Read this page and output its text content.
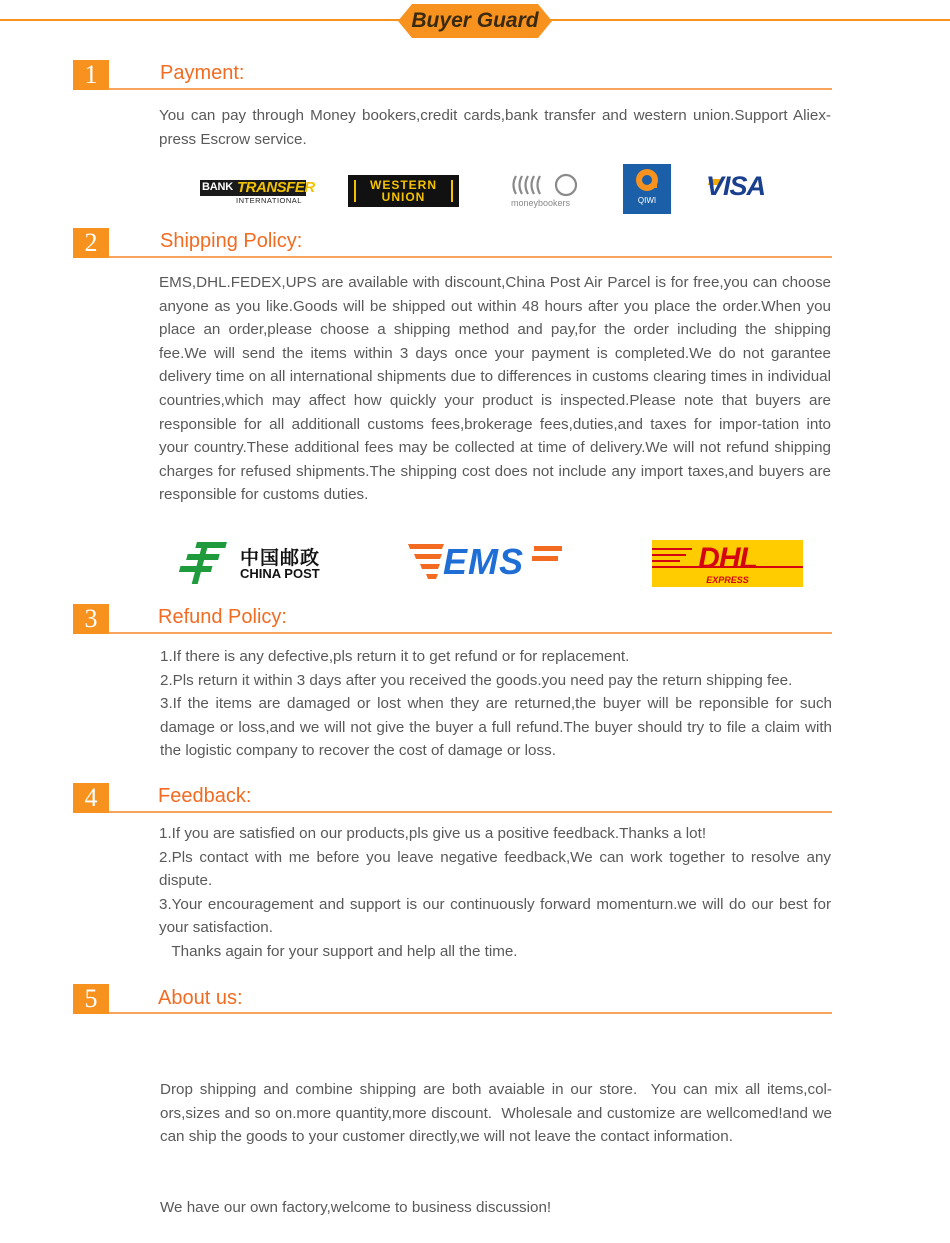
Buyer Guard
1	Payment:

You can pay through Money bookers,credit cards,bank transfer and western union.Support Aliex-press Escrow service.

BANK TRANSFER
INTERNATIONAL
WESTERN
UNION	moneybookers	QIWI	VISA
2	Shipping Policy:

EMS,DHL.FEDEX,UPS are available with discount,China Post Air Parcel is for free,you can choose anyone as you like.Goods will be shipped out within 48 hours after you place the order.When you place an order,please choose a shipping method and pay,for the order including the shipping fee.We will send the items within 3 days once your payment is completed.We do not garantee delivery time on all international shipments due to differences in customs clearing times in individual countries,which may affect how quickly your product is inspected.Please note that buyers are responsible for all additionall customs fees,brokerage fees,duties,and taxes for impor-tation into your country.These additional fees may be collected at time of delivery.We will not refund shipping charges for refused shipments.The shipping cost does not include any import taxes,and buyers are responsible for customs duties.

中国邮政
CHINA POST	EMS	DHL
EXPRESS
3	Refund Policy:

1.If there is any defective,pls return it to get refund or for replacement.

2.Pls return it within 3 days after you received the goods.you need pay the return shipping fee.

3.If the items are damaged or lost when they are returned,the buyer will be reponsible for such damage or loss,and we will not give the buyer a full refund.The buyer should try to file a claim with the logistic company to recover the cost of damage or loss.

4	Feedback:

1.If you are satisfied on our products,pls give us a positive feedback.Thanks a lot!

2.Pls contact with me before you leave negative feedback,We can work together to resolve any dispute.

3.Your encouragement and support is our continuously forward momenturn.we will do our best for your satisfaction.

Thanks again for your support and help all the time.

5	About us:

Drop shipping and combine shipping are both avaiable in our store.  You can mix all items,col-ors,sizes and so on.more quantity,more discount.  Wholesale and customize are wellcomed!and we can ship the goods to your customer directly,we will not leave the contact information.

We have our own factory,welcome to business discussion!
